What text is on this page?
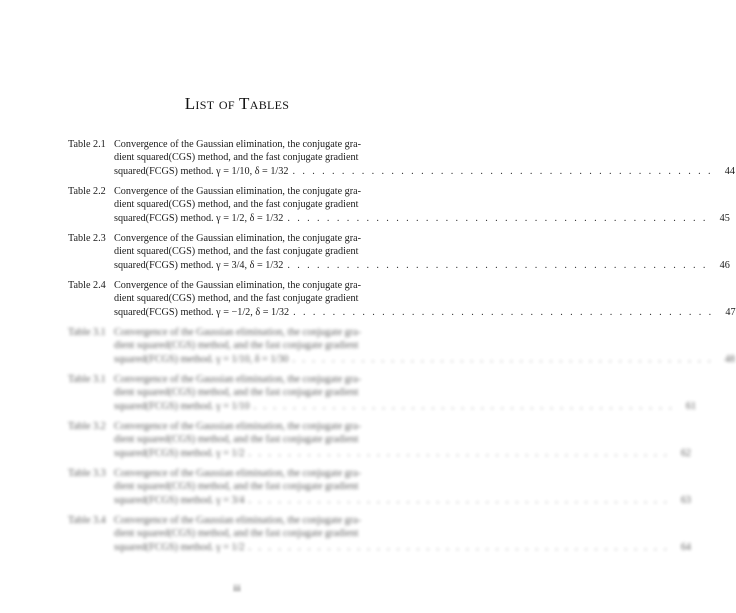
List of Tables
Table 2.1 Convergence of the Gaussian elimination, the conjugate gra-
dient squared(CGS) method, and the fast conjugate gradient
squared(FCGS) method. γ = 1/10, δ = 1/32 . . .	44
Table 2.2 Convergence of the Gaussian elimination, the conjugate gra-
dient squared(CGS) method, and the fast conjugate gradient
squared(FCGS) method. γ = 1/2, δ = 1/32 . . .	45
Table 2.3 Convergence of the Gaussian elimination, the conjugate gra-
dient squared(CGS) method, and the fast conjugate gradient
squared(FCGS) method. γ = 3/4, δ = 1/32 . . .	46
Table 2.4 Convergence of the Gaussian elimination, the conjugate gra-
dient squared(CGS) method, and the fast conjugate gradient
squared(FCGS) method. γ = −1/2, δ = 1/32 . . .	47
Table 3.1 Convergence of the Gaussian elimination, the conjugate gra-
dient squared(CGS) method, and the fast conjugate gradient
squared(FCGS) method. γ = 1/10, δ = 1/30 . . .	48
Table 3.1 Convergence of the Gaussian elimination, the conjugate gra-
dient squared(CGS) method, and the fast conjugate gradient
squared(FCGS) method. γ = 1/10 . . .	61
Table 3.2 Convergence of the Gaussian elimination, the conjugate gra-
dient squared(CGS) method, and the fast conjugate gradient
squared(FCGS) method. γ = 1/2 . . .	62
Table 3.3 Convergence of the Gaussian elimination, the conjugate gra-
dient squared(CGS) method, and the fast conjugate gradient
squared(FCGS) method. γ = 3/4 . . .	63
Table 3.4 Convergence of the Gaussian elimination, the conjugate gra-
dient squared(CGS) method, and the fast conjugate gradient
squared(FCGS) method. γ = 1/2 . . .	64
iii
